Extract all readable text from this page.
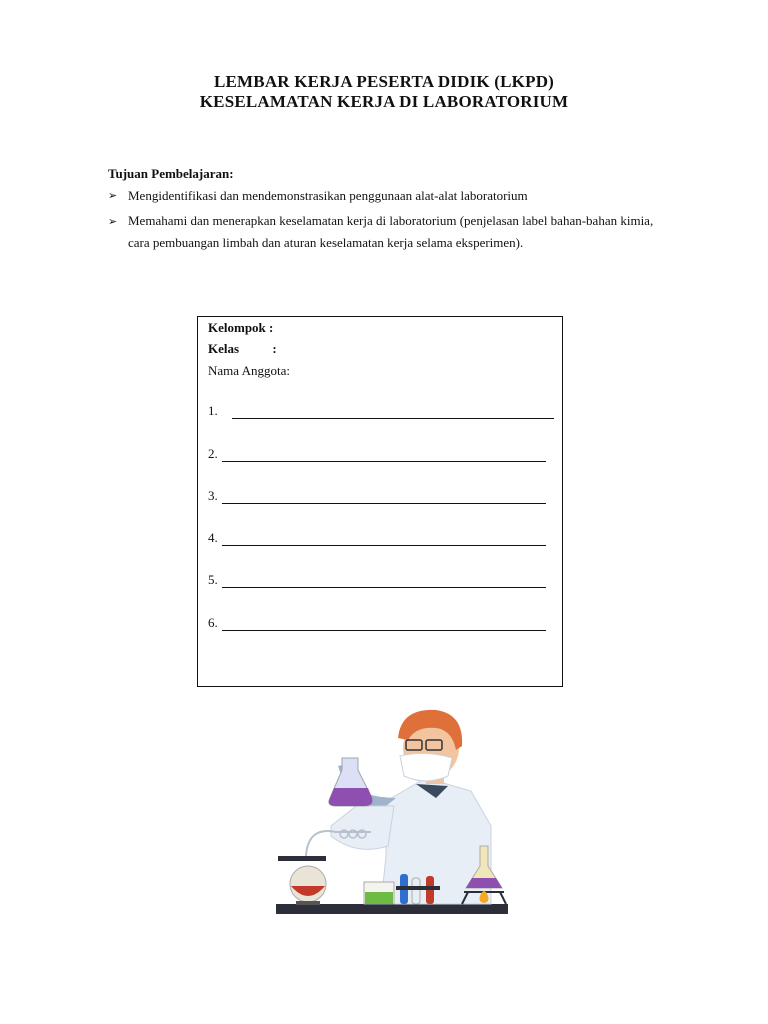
LEMBAR KERJA PESERTA DIDIK (LKPD)
KESELAMATAN KERJA DI LABORATORIUM
Tujuan Pembelajaran:
➢ Mengidentifikasi dan mendemonstrasikan penggunaan alat-alat laboratorium
➢ Memahami dan menerapkan keselamatan kerja di laboratorium (penjelasan label bahan-bahan kimia, cara pembuangan limbah dan aturan keselamatan kerja selama eksperimen).
Kelompok :
Kelas	:
Nama Anggota:
1.
2.
3.
4.
5.
6.
